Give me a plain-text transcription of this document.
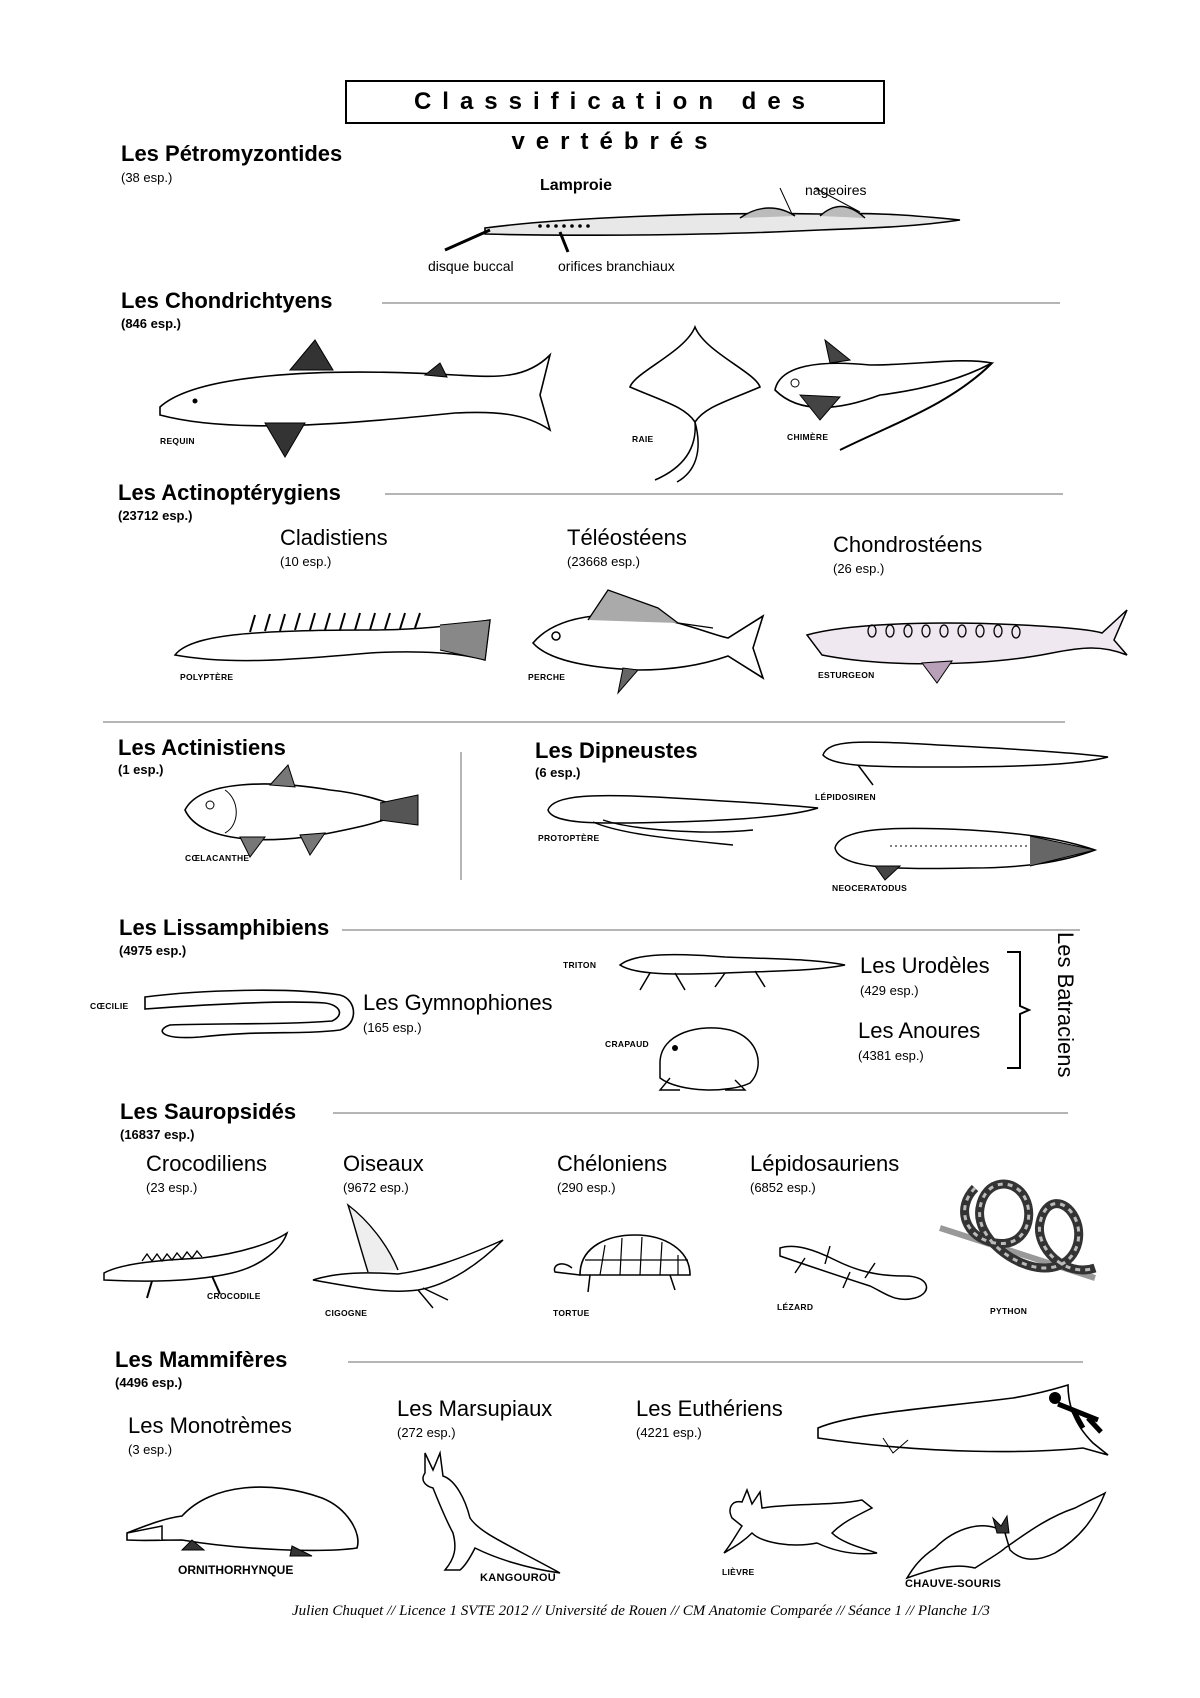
Classification des vertébrés
Les Pétromyzontides
(38 esp.)	Lamproie	nageoires
disque buccal	orifices branchiaux
Les Chondrichtyens
(846 esp.)
REQUIN	RAIE	CHIMÈRE
Les Actinoptérygiens
(23712 esp.)
Cladistiens
(10 esp.)
Téléostéens
(23668 esp.)
Chondrostéens
(26 esp.)
POLYPTÈRE	PERCHE	ESTURGEON
Les Actinistiens
(1 esp.)
CŒLACANTHE
Les Dipneustes
(6 esp.)
LÉPIDOSIREN
PROTOPTÈRE
NEOCERATODUS
Les Lissamphibiens
(4975 esp.)
CŒCILIE	Les Gymnophiones
(165 esp.)
TRITON
CRAPAUD
Les Urodèles
(429 esp.)
Les Anoures
(4381 esp.)	Les Batraciens
Les Sauropsidés
(16837 esp.)
Crocodiliens
(23 esp.)
Oiseaux
(9672 esp.)
Chéloniens
(290 esp.)
Lépidosauriens
(6852 esp.)
CROCODILE
CIGOGNE	TORTUE
LÉZARD	PYTHON
Les Mammifères
(4496 esp.)
Les Monotrèmes
(3 esp.)
Les Marsupiaux
(272 esp.)
Les Euthériens
(4221 esp.)
ORNITHORHYNQUE
KANGOUROU	LIÈVRE
CHAUVE-SOURIS
Julien Chuquet // Licence 1 SVTE 2012 // Université de Rouen // CM Anatomie Comparée // Séance 1 // Planche 1/3
